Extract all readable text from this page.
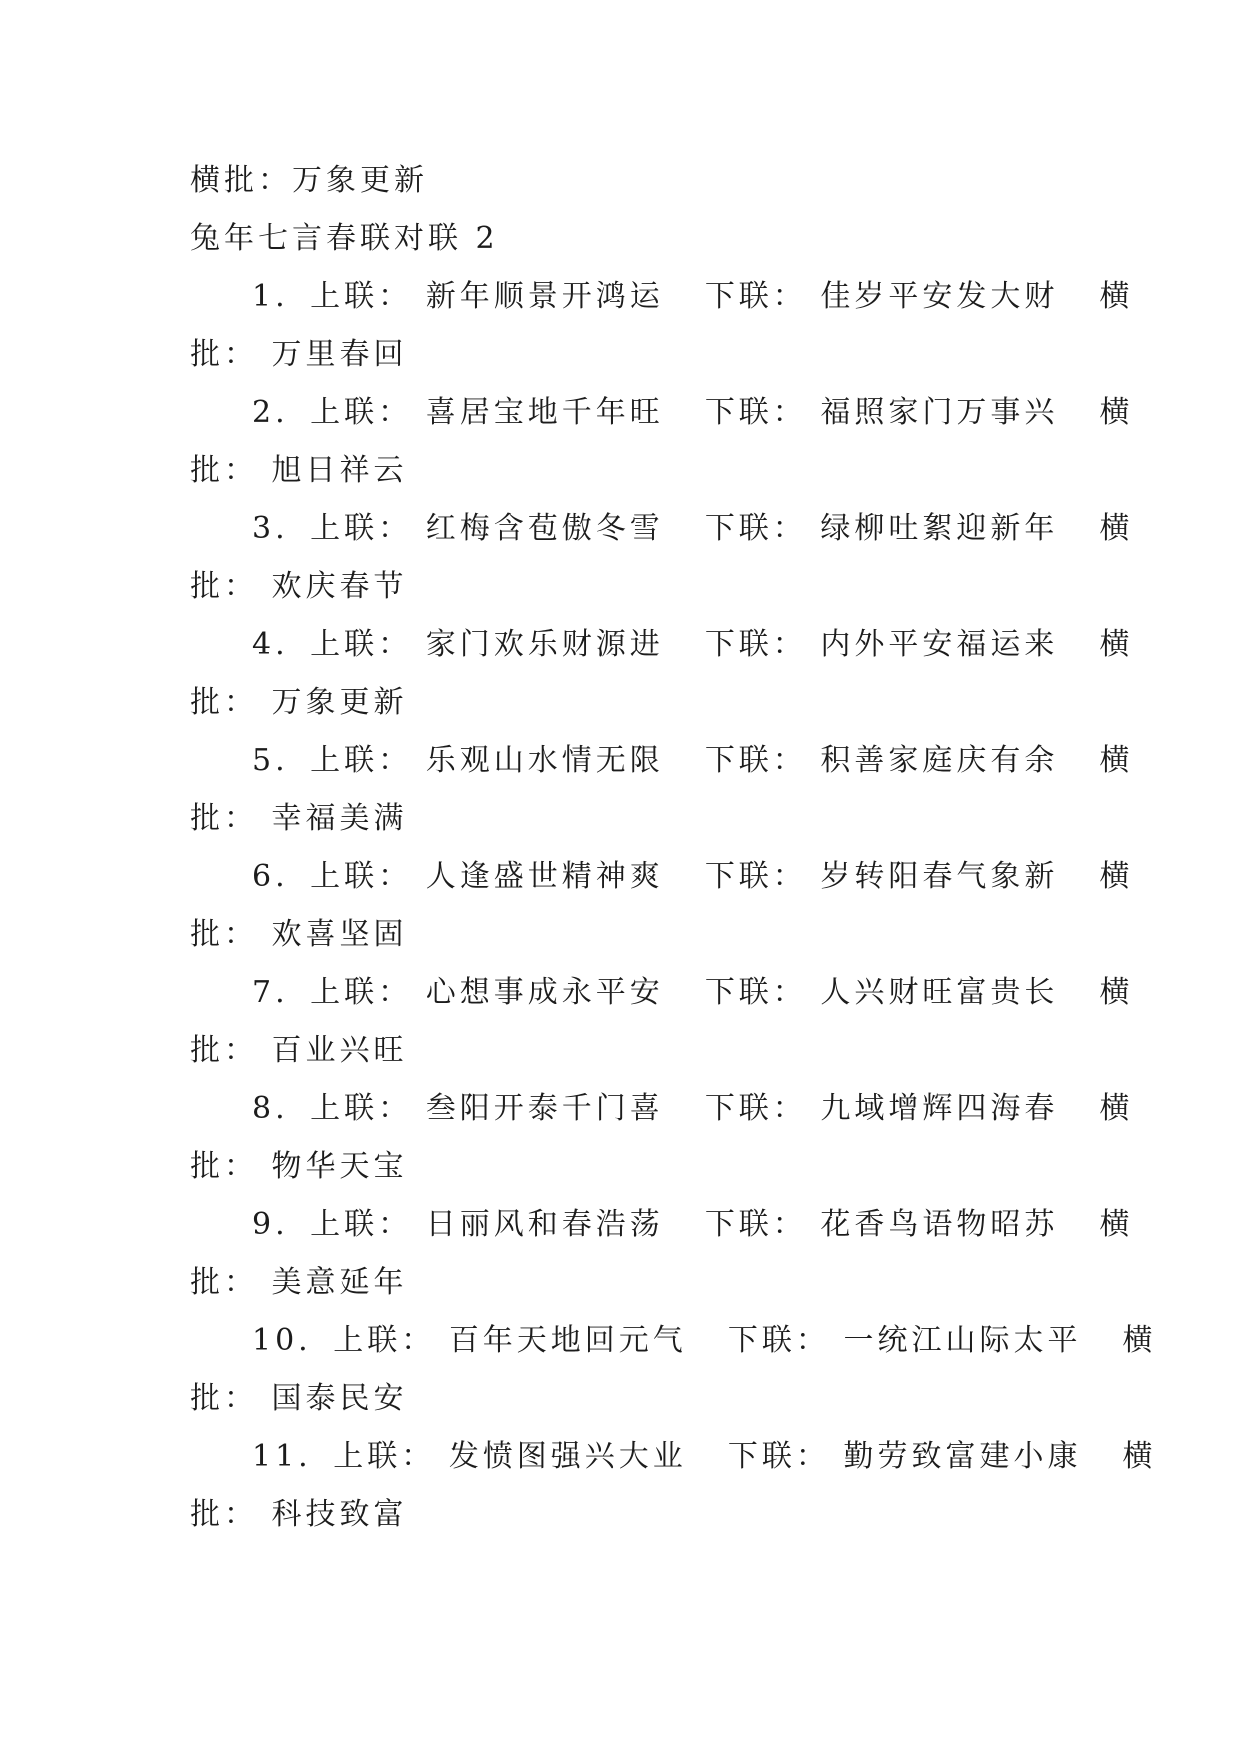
横批：万象更新
兔年七言春联对联 2
1. 上联： 新年顺景开鸿运 下联： 佳岁平安发大财 横
批： 万里春回
2. 上联： 喜居宝地千年旺 下联： 福照家门万事兴 横
批： 旭日祥云
3. 上联： 红梅含苞傲冬雪 下联： 绿柳吐絮迎新年 横
批： 欢庆春节
4. 上联： 家门欢乐财源进 下联： 内外平安福运来 横
批： 万象更新
5. 上联： 乐观山水情无限 下联： 积善家庭庆有余 横
批： 幸福美满
6. 上联： 人逢盛世精神爽 下联： 岁转阳春气象新 横
批： 欢喜坚固
7. 上联： 心想事成永平安 下联： 人兴财旺富贵长 横
批： 百业兴旺
8. 上联： 叁阳开泰千门喜 下联： 九域增辉四海春 横
批： 物华天宝
9. 上联： 日丽风和春浩荡 下联： 花香鸟语物昭苏 横
批： 美意延年
10. 上联： 百年天地回元气 下联： 一统江山际太平 横
批： 国泰民安
11. 上联： 发愤图强兴大业 下联： 勤劳致富建小康 横
批： 科技致富
